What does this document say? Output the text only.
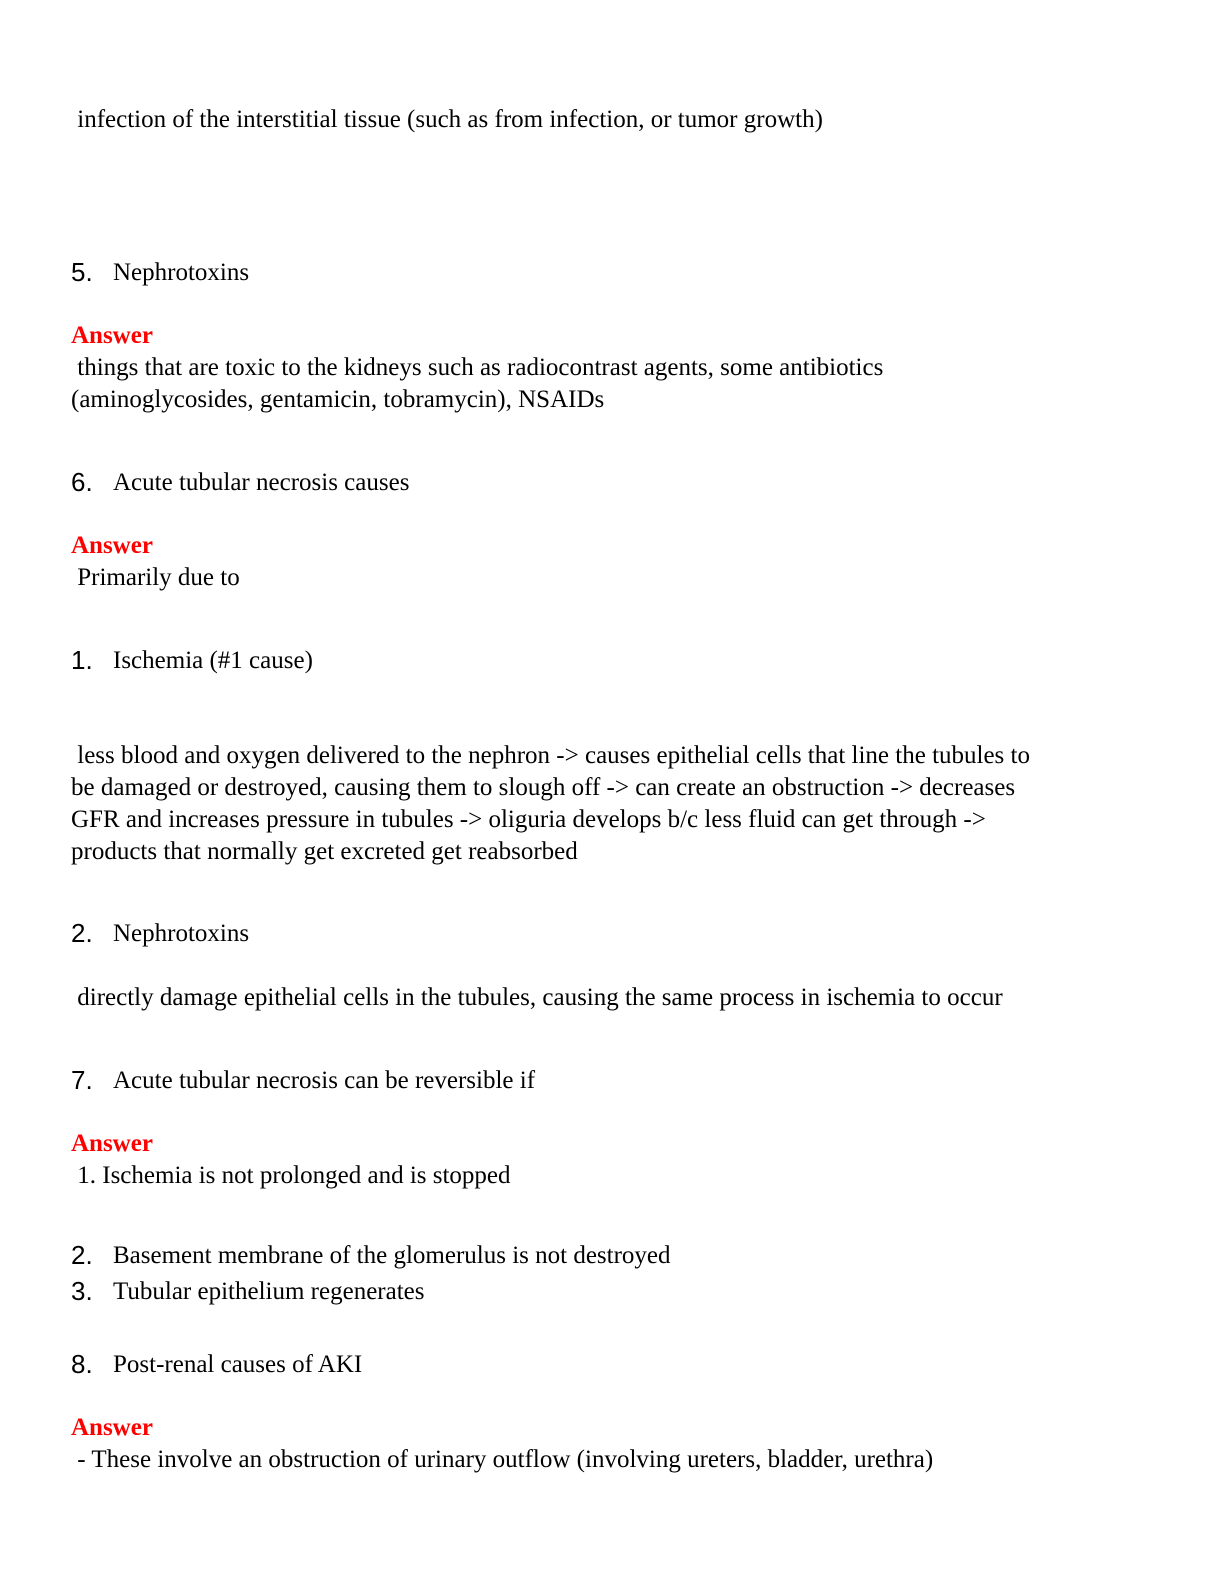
infection of the interstitial tissue (such as from infection, or tumor growth)

5. Nephrotoxins
Answer

things that are toxic to the kidneys such as radiocontrast agents, some antibiotics

(aminoglycosides, gentamicin, tobramycin), NSAIDs

6. Acute tubular necrosis causes
Answer

Primarily due to

1. Ischemia (#1 cause)

less blood and oxygen delivered to the nephron -> causes epithelial cells that line the tubules to

be damaged or destroyed, causing them to slough off -> can create an obstruction -> decreases

GFR and increases pressure in tubules -> oliguria develops b/c less fluid can get through ->

products that normally get excreted get reabsorbed

2. Nephrotoxins

directly damage epithelial cells in the tubules, causing the same process in ischemia to occur

7. Acute tubular necrosis can be reversible if
Answer

1. Ischemia is not prolonged and is stopped

2. Basement membrane of the glomerulus is not destroyed
3. Tubular epithelium regenerates
8. Post-renal causes of AKI
Answer

- These involve an obstruction of urinary outflow (involving ureters, bladder, urethra)
